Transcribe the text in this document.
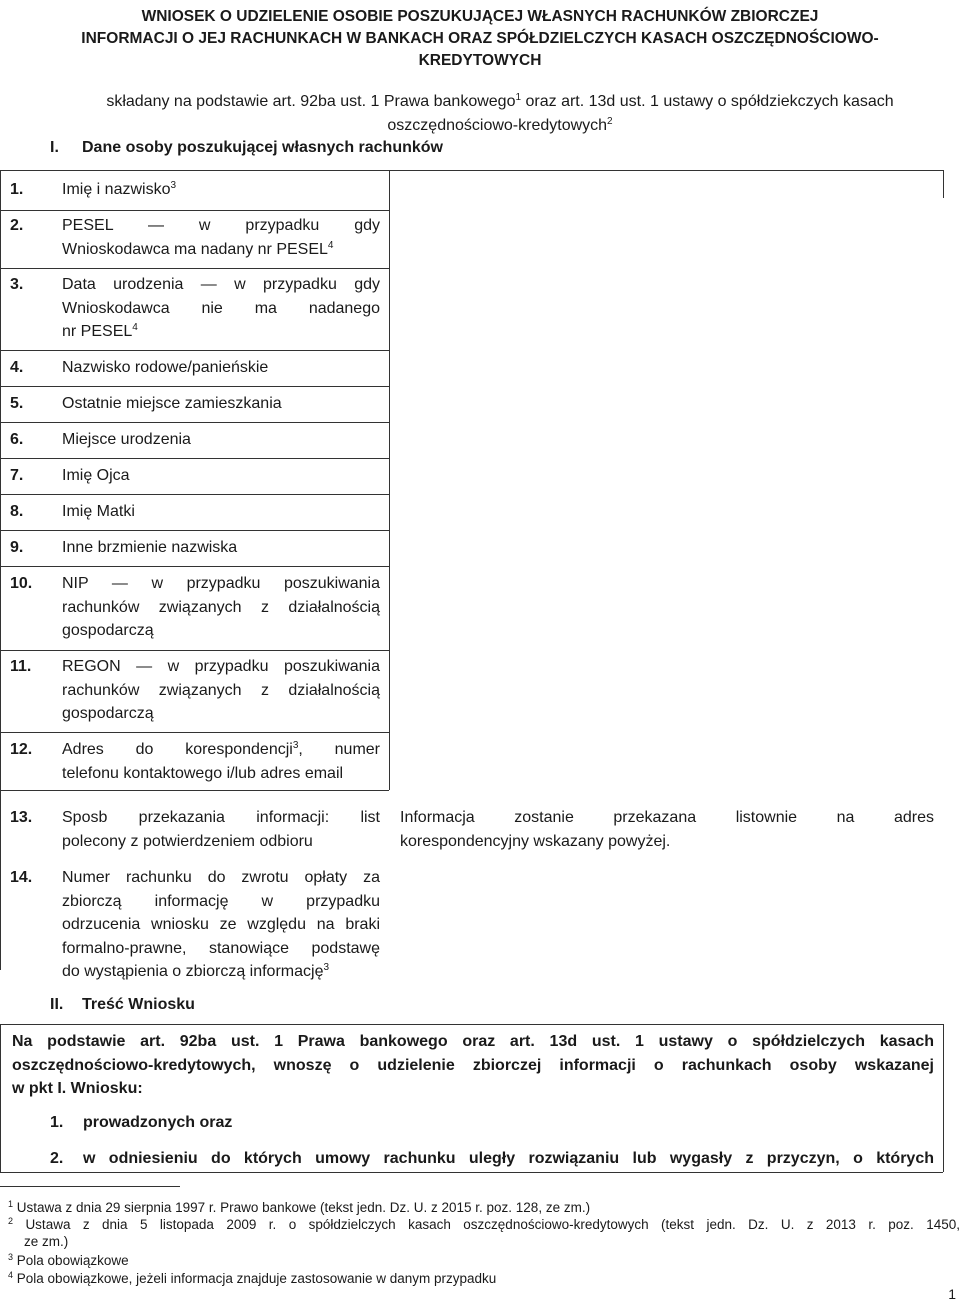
WNIOSEK O UDZIELENIE OSOBIE POSZUKUJĄCEJ WŁASNYCH RACHUNKÓW ZBIORCZEJ
INFORMACJI O JEJ RACHUNKACH W BANKACH ORAZ SPÓŁDZIELCZYCH KASACH OSZCZĘDNOŚCIOWO-
KREDYTOWYCH
składany na podstawie art. 92ba ust. 1 Prawa bankowego$^1$ oraz art. 13d ust. 1 ustawy o spółdziekczych kasach
oszczędnościowo-kredytowych$^2$
I. Dane osoby poszukującej własnych rachunków
1. Imię i nazwisko$^3$
2. PESEL — w przypadku gdy
Wnioskodawca ma nadany nr PESEL$^4$
3. Data urodzenia — w przypadku gdy
Wnioskodawca nie ma nadanego
nr PESEL$^4$
4. Nazwisko rodowe/panieńskie
5. Ostatnie miejsce zamieszkania
6. Miejsce urodzenia
7. Imię Ojca
8. Imię Matki
9. Inne brzmienie nazwiska
10. NIP — w przypadku poszukiwania
rachunków związanych z działalnością
gospodarczą
11. REGON — w przypadku poszukiwania
rachunków związanych z działalnością
gospodarczą
12. Adres do korespondencji$^3$, numer
telefonu kontaktowego i/lub adres email
13. Sposb przekazania informacji: list
polecony z potwierdzeniem odbioru
Informacja zostanie przekazana listownie na adres
korespondencyjny wskazany powyżej.
14. Numer rachunku do zwrotu opłaty za
zbiorczą informację w przypadku
odrzucenia wniosku ze względu na braki
formalno-prawne, stanowiące podstawę
do wystąpienia o zbiorczą informację$^3$
II. Treść Wniosku
Na podstawie art. 92ba ust. 1 Prawa bankowego oraz art. 13d ust. 1 ustawy o spółdzielczych kasach
oszczędnościowo-kredytowych, wnoszę o udzielenie zbiorczej informacji o rachunkach osoby wskazanej
w pkt I. Wniosku:
1. prowadzonych oraz
2. w odniesieniu do których umowy rachunku uległy rozwiązaniu lub wygasły z przyczyn, o których
$^1$ Ustawa z dnia 29 sierpnia 1997 r. Prawo bankowe (tekst jedn. Dz. U. z 2015 r. poz. 128, ze zm.)
$^2$ Ustawa z dnia 5 listopada 2009 r. o spółdzielczych kasach oszczędnościowo-kredytowych (tekst jedn. Dz. U. z 2013 r. poz. 1450,
ze zm.)
$^3$ Pola obowiązkowe
$^4$ Pola obowiązkowe, jeżeli informacja znajduje zastosowanie w danym przypadku
1
